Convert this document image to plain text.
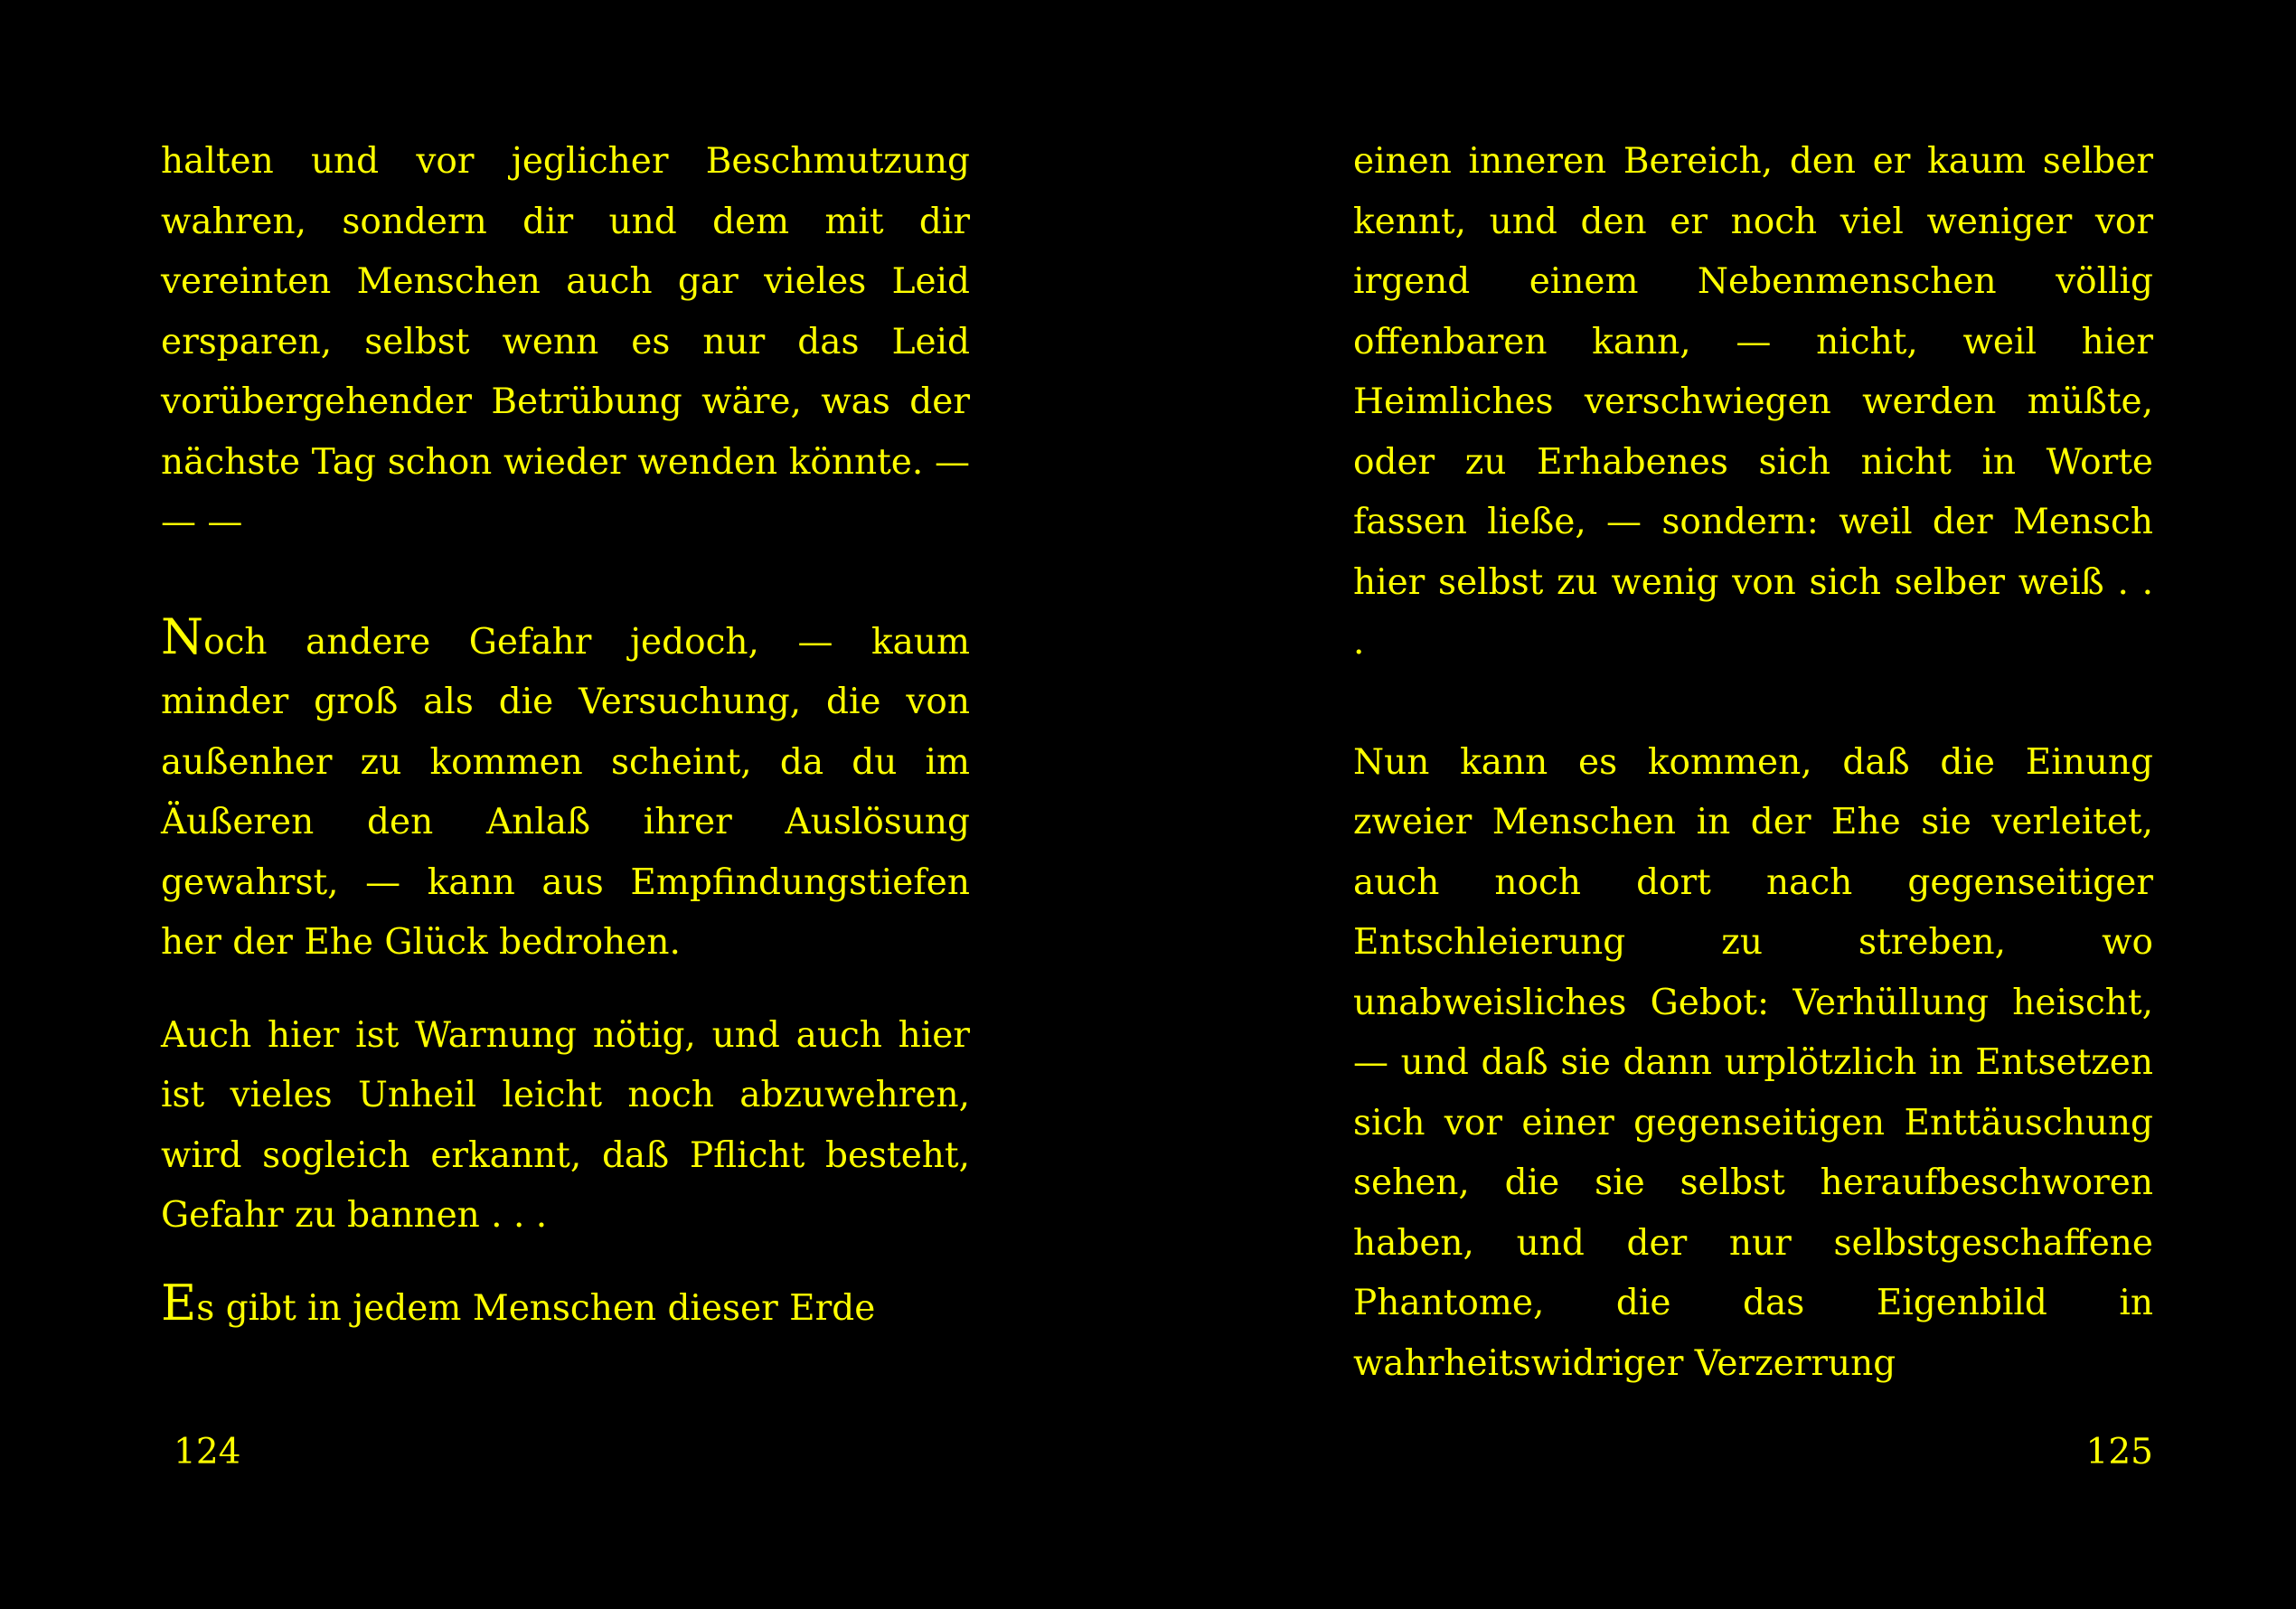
halten und vor jeglicher Beschmutzung wahren, sondern dir und dem mit dir vereinten Menschen auch gar vieles Leid ersparen, selbst wenn es nur das Leid vorübergehender Betrübung wäre, was der nächste Tag schon wieder wenden könnte. — — —

Noch andere Gefahr jedoch, — kaum minder groß als die Versuchung, die von außenher zu kommen scheint, da du im Äußeren den Anlaß ihrer Auslösung gewahrst, — kann aus Empfindungstiefen her der Ehe Glück bedrohen.

Auch hier ist Warnung nötig, und auch hier ist vieles Unheil leicht noch abzuwehren, wird sogleich erkannt, daß Pflicht besteht, Gefahr zu bannen . . .

Es gibt in jedem Menschen dieser Erde

124

einen inneren Bereich, den er kaum selber kennt, und den er noch viel weniger vor irgend einem Nebenmenschen völlig offenbaren kann, — nicht, weil hier Heimliches verschwiegen werden müßte, oder zu Erhabenes sich nicht in Worte fassen ließe, — sondern: weil der Mensch hier selbst zu wenig von sich selber weiß . . .

Nun kann es kommen, daß die Einung zweier Menschen in der Ehe sie verleitet, auch noch dort nach gegenseitiger Entschleierung zu streben, wo unabweisliches Gebot: Verhüllung heischt, — und daß sie dann urplötzlich in Entsetzen sich vor einer gegenseitigen Enttäuschung sehen, die sie selbst heraufbeschworen haben, und der nur selbstgeschaffene Phantome, die das Eigenbild in wahrheitswidriger Verzerrung

125
